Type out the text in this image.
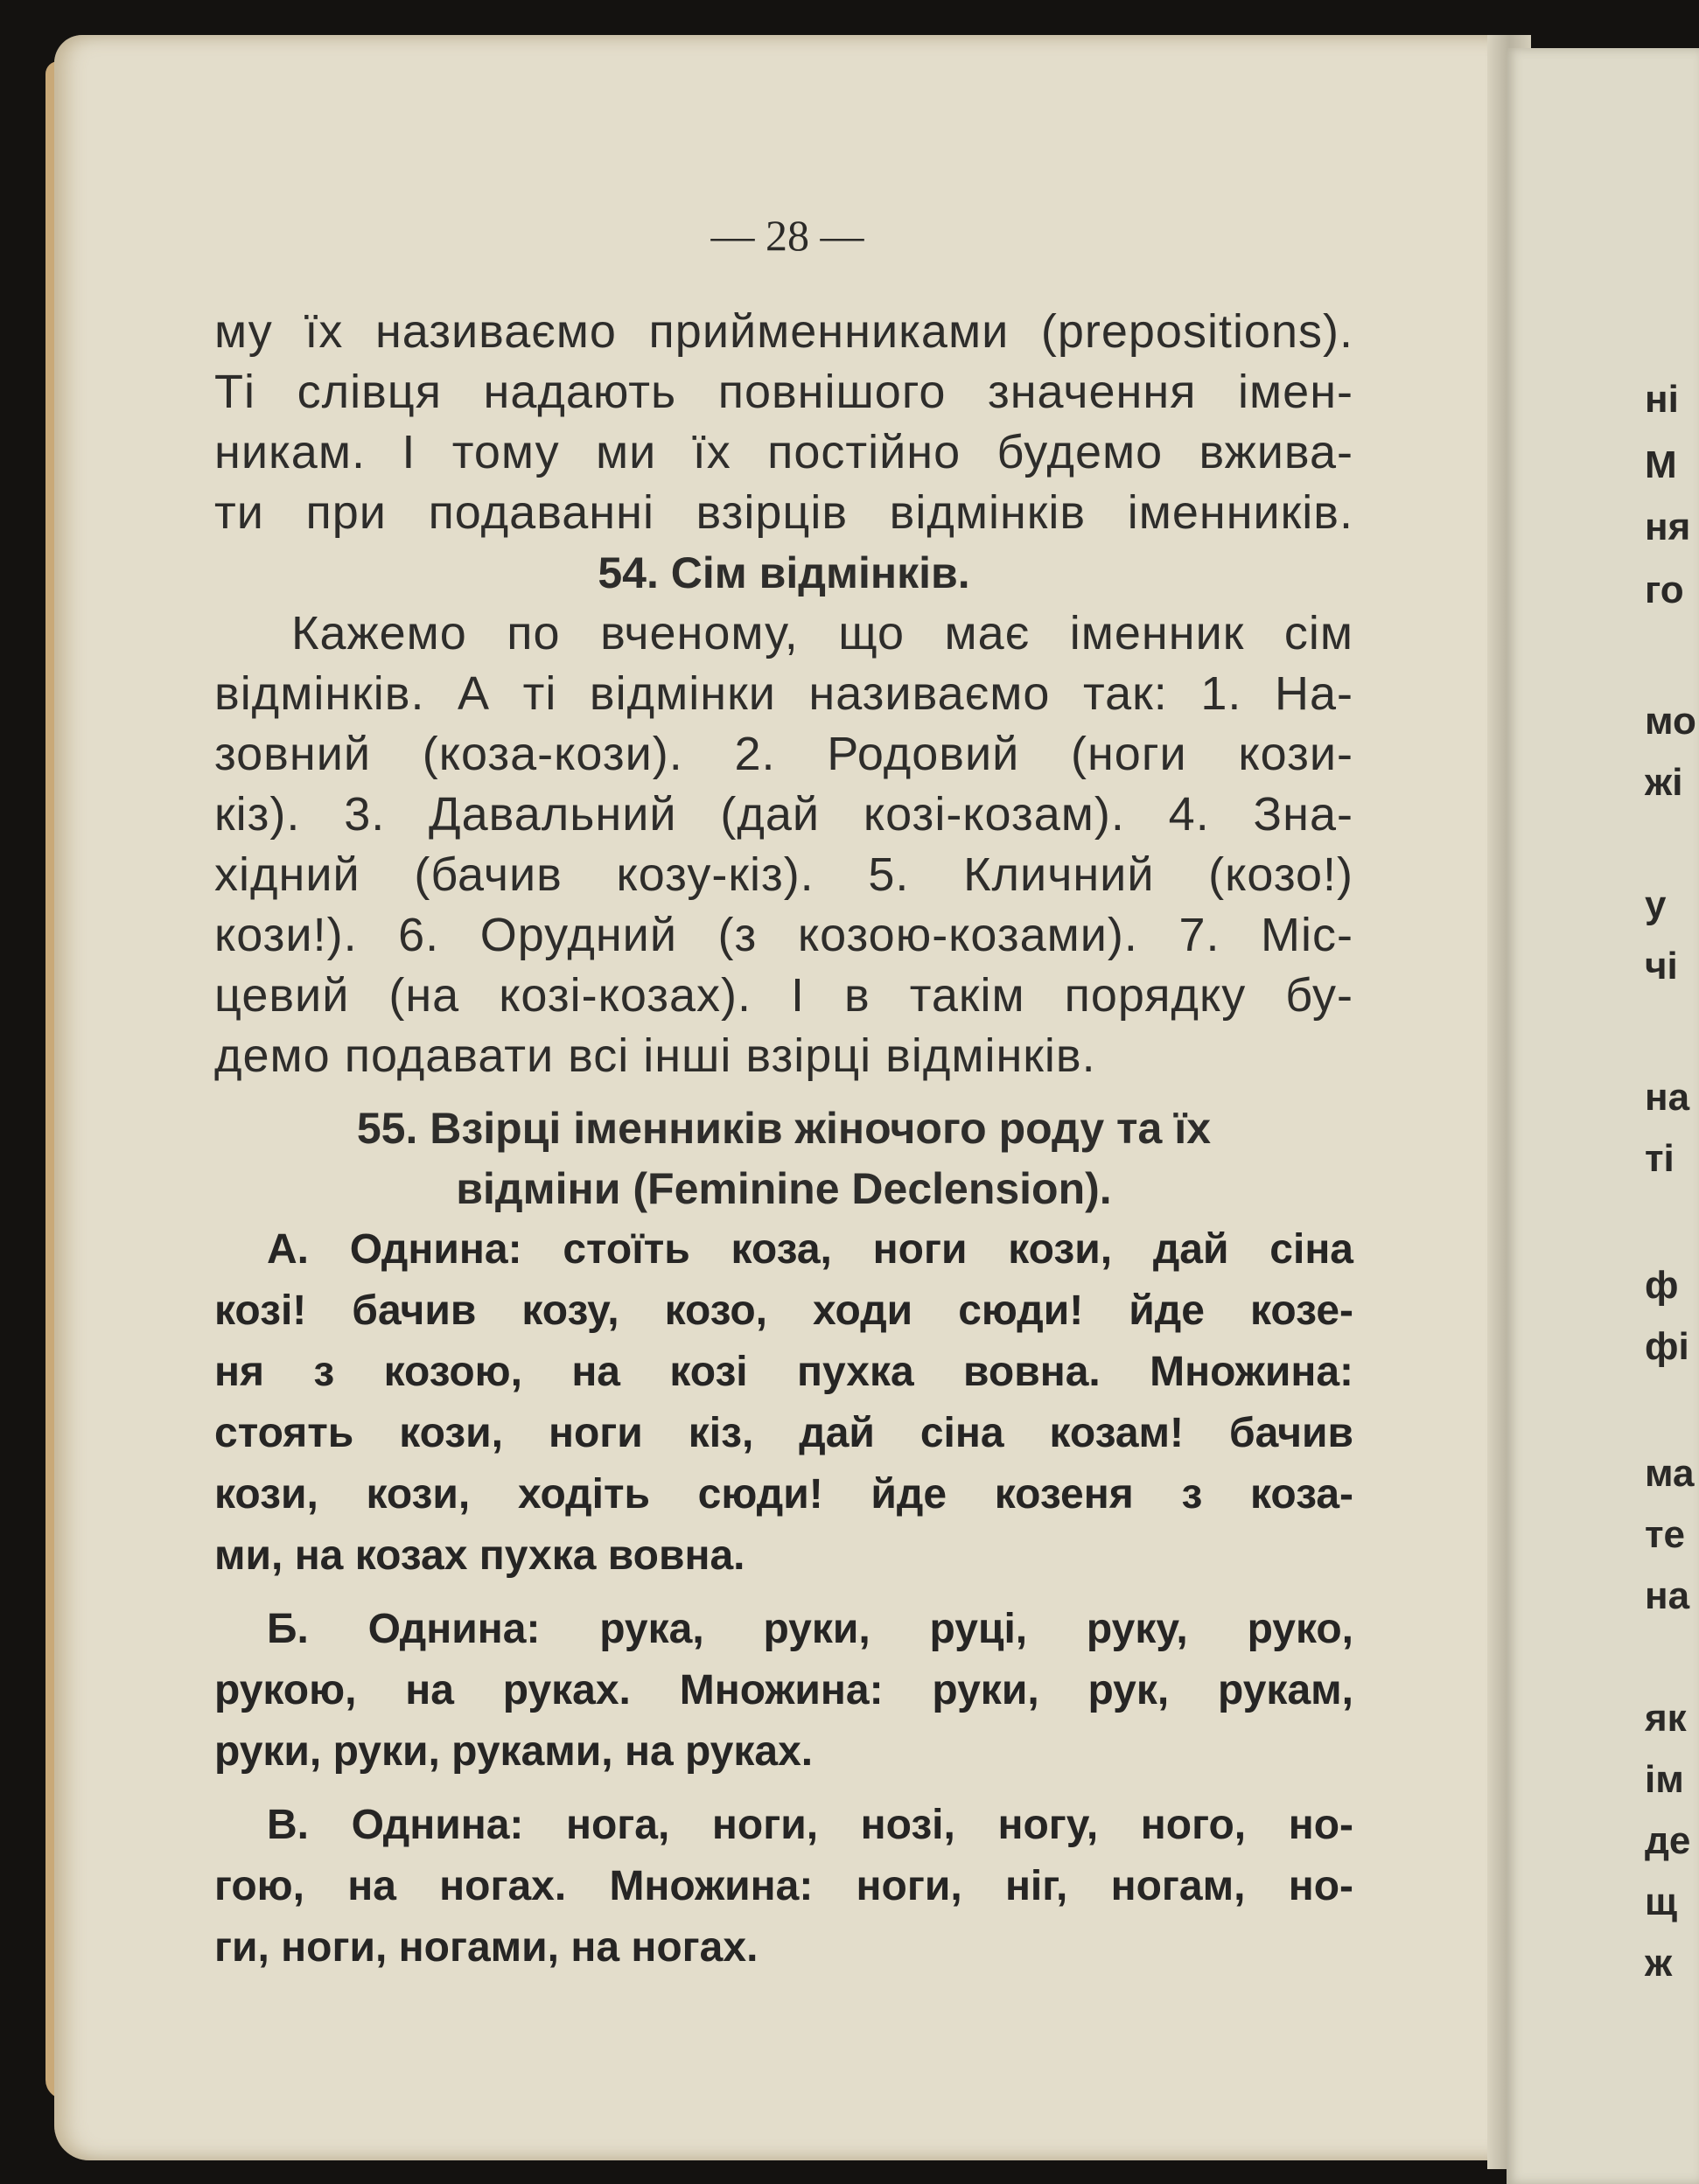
— 28 —
му їх називаємо прийменниками (prepositions).
Ті слівця надають повнішого значення імен-
никам. І тому ми їх постійно будемо вжива-
ти при подаванні взірців відмінків іменників.
54. Сім відмінків.
Кажемо по вченому, що має іменник сім
відмінків. А ті відмінки називаємо так: 1. На-
зовний (коза-кози). 2. Родовий (ноги кози-
кіз). 3. Давальний (дай козі-козам). 4. Зна-
хідний (бачив козу-кіз). 5. Кличний (козо!)
кози!). 6. Орудний (з козою-козами). 7. Міс-
цевий (на козі-козах). І в такім порядку бу-
демо подавати всі інші взірці відмінків.
55. Взірці іменників жіночого роду та їх
відміни (Feminine Declension).
А. Однина: стоїть коза, ноги кози, дай сіна
козі! бачив козу, козо, ходи сюди! йде козе-
ня з козою, на козі пухка вовна. Множина:
стоять кози, ноги кіз, дай сіна козам! бачив
кози, кози, ходіть сюди! йде козеня з коза-
ми, на козах пухка вовна.
Б. Однина: рука, руки, руці, руку, руко,
рукою, на руках. Множина: руки, рук, рукам,
руки, руки, руками, на руках.
В. Однина: нога, ноги, нозі, ногу, ного, но-
гою, на ногах. Множина: ноги, ніг, ногам, но-
ги, ноги, ногами, на ногах.
ні
М
ня
го
мо
жі
у
чі
на
ті
ф
фі
ма
те
на
як
ім
де
щ
ж
